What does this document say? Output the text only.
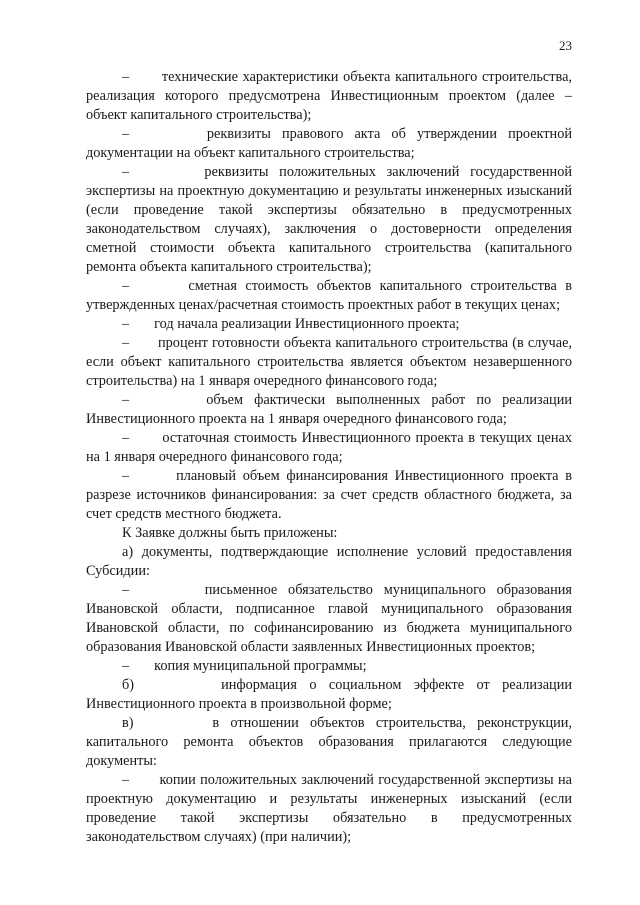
23

–       технические характеристики объекта капитального строительства, реализация которого предусмотрена Инвестиционным проектом (далее – объект капитального строительства);

–       реквизиты правового акта об утверждении проектной документации на объект капитального строительства;

–       реквизиты положительных заключений государственной экспертизы на проектную документацию и результаты инженерных изысканий (если проведение такой экспертизы обязательно в предусмотренных законодательством случаях), заключения о достоверности определения сметной стоимости объекта капитального строительства (капитального ремонта объекта капитального строительства);

–       сметная стоимость объектов капитального строительства в утвержденных ценах/расчетная стоимость проектных работ в текущих ценах;

–       год начала реализации Инвестиционного проекта;

–       процент готовности объекта капитального строительства (в случае, если объект капитального строительства является объектом незавершенного строительства) на 1 января очередного финансового года;

–       объем фактически выполненных работ по реализации Инвестиционного проекта на 1 января очередного финансового года;

–       остаточная стоимость Инвестиционного проекта в текущих ценах на 1 января очередного финансового года;

–       плановый объем финансирования Инвестиционного проекта в разрезе источников финансирования: за счет средств областного бюджета, за счет средств местного бюджета.

К Заявке должны быть приложены:

а) документы, подтверждающие исполнение условий предоставления Субсидии:

–       письменное обязательство муниципального образования Ивановской области, подписанное главой муниципального образования Ивановской области, по софинансированию из бюджета муниципального образования Ивановской области заявленных Инвестиционных проектов;

–       копия муниципальной программы;

б)       информация о социальном эффекте от реализации Инвестиционного проекта в произвольной форме;

в)       в отношении объектов строительства, реконструкции, капитального ремонта объектов образования прилагаются следующие документы:

–       копии положительных заключений государственной экспертизы на проектную документацию и результаты инженерных изысканий (если проведение такой экспертизы обязательно в предусмотренных законодательством случаях) (при наличии);
